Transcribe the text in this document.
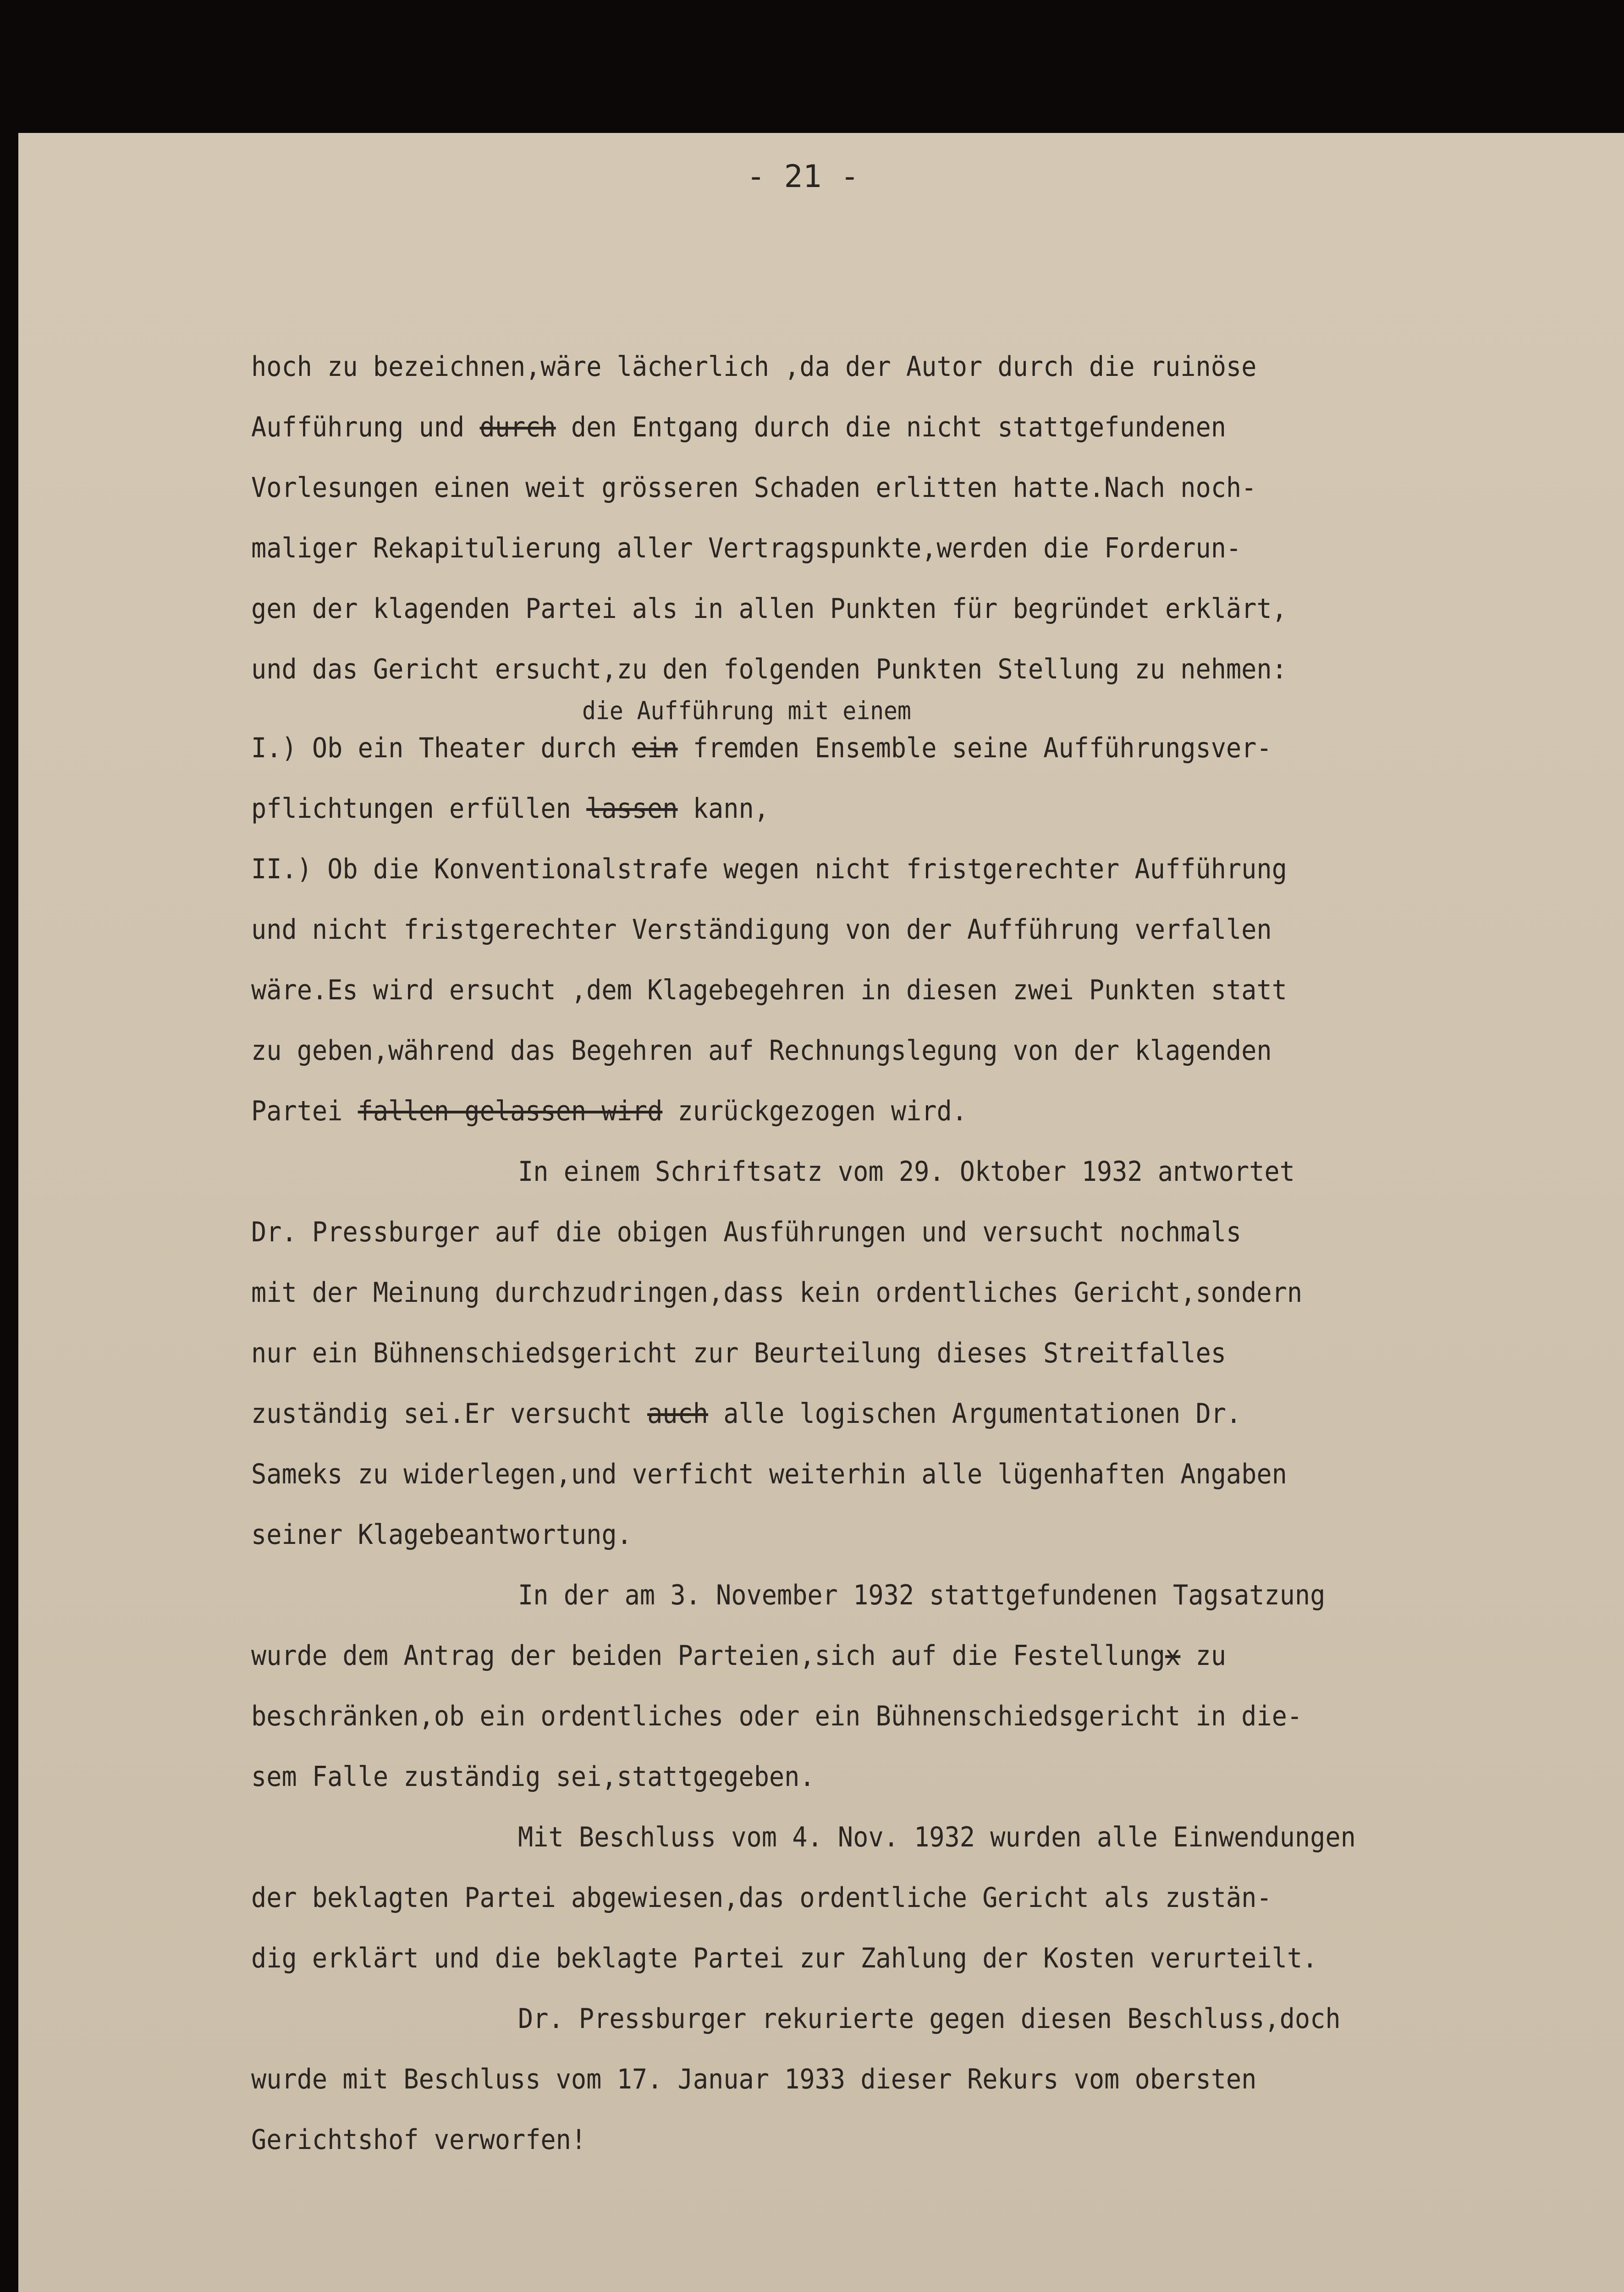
- 21 -
hoch zu bezeichnen,wäre lächerlich ,da der Autor durch die ruinöse
Aufführung und durch den Entgang durch die nicht stattgefundenen
Vorlesungen einen weit grösseren Schaden erlitten hatte.Nach noch-
maliger Rekapitulierung aller Vertragspunkte,werden die Forderun-
gen der klagenden Partei als in allen Punkten für begründet erklärt,
und das Gericht ersucht,zu den folgenden Punkten Stellung zu nehmen:
I.) Ob ein Theater durch ein fremden Ensemble seine Aufführungsver-
pflichtungen erfüllen lassen kann,
II.) Ob die Konventionalstrafe wegen nicht fristgerechter Aufführung
und nicht fristgerechter Verständigung von der Aufführung verfallen
wäre.Es wird ersucht ,dem Klagebegehren in diesen zwei Punkten statt
zu geben,während das Begehren auf Rechnungslegung von der klagenden
Partei fallen gelassen wird zurückgezogen wird.
In einem Schriftsatz vom 29. Oktober 1932 antwortet
Dr. Pressburger auf die obigen Ausführungen und versucht nochmals
mit der Meinung durchzudringen,dass kein ordentliches Gericht,sondern
nur ein Bühnenschiedsgericht zur Beurteilung dieses Streitfalles
zuständig sei.Er versucht auch alle logischen Argumentationen Dr.
Sameks zu widerlegen,und verficht weiterhin alle lügenhaften Angaben
seiner Klagebeantwortung.
In der am 3. November 1932 stattgefundenen Tagsatzung
wurde dem Antrag der beiden Parteien,sich auf die Festellungx zu
beschränken,ob ein ordentliches oder ein Bühnenschiedsgericht in die-
sem Falle zuständig sei,stattgegeben.
Mit Beschluss vom 4. Nov. 1932 wurden alle Einwendungen
der beklagten Partei abgewiesen,das ordentliche Gericht als zustän-
dig erklärt und die beklagte Partei zur Zahlung der Kosten verurteilt.
Dr. Pressburger rekurierte gegen diesen Beschluss,doch
wurde mit Beschluss vom 17. Januar 1933 dieser Rekurs vom obersten
Gerichtshof verworfen!
die Aufführung mit einem
